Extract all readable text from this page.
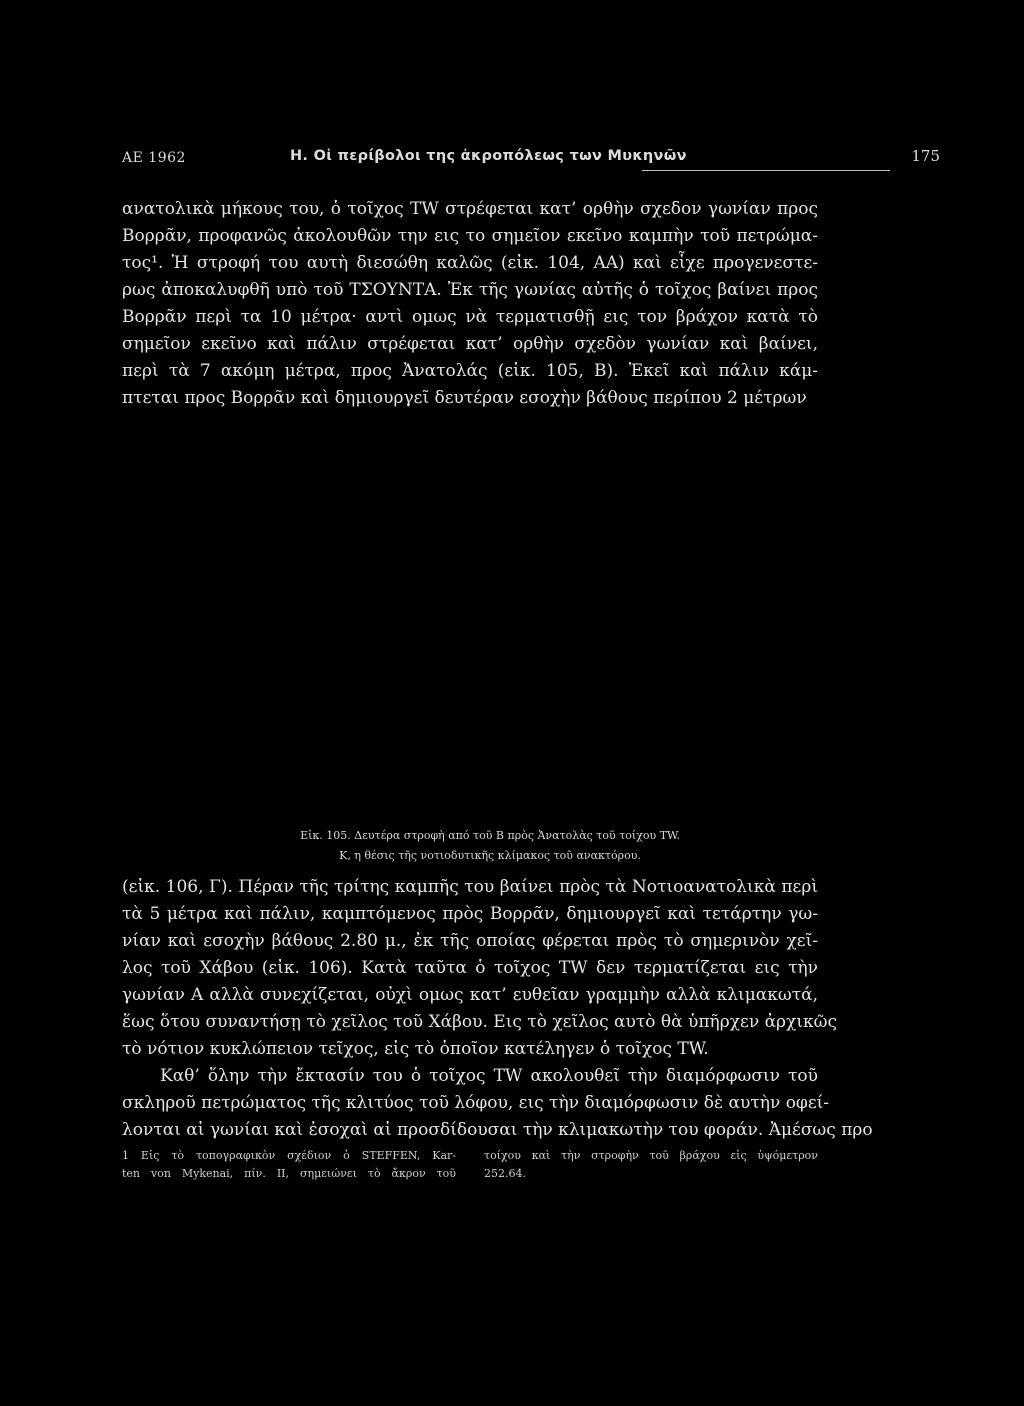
ΑΕ 1962	Η. Οἱ περίβολοι της ἀκροπόλεως των Μυκηνῶν	175
ανατολικὰ μήκους του, ὁ τοῖχος TW στρέφεται κατ’ ορθὴν σχεδον γωνίαν προς
Βορρᾶν, προφανῶς ἀκολουθῶν την εις το σημεῖον εκεῖνο καμπὴν τοῦ πετρώμα-
τος¹. Ἡ στροφή του αυτὴ διεσώθη καλῶς (εἰκ. 104, ΑΑ) καὶ εἶχε προγενεστε-
ρως ἀποκαλυφθῆ υπὸ τοῦ ΤΣΟΥΝΤΑ. Ἐκ τῆς γωνίας αὐτῆς ὁ τοῖχος βαίνει προς
Βορρᾶν περὶ τα 10 μέτρα· αντὶ ομως νὰ τερματισθῇ εις τον βράχον κατὰ τὸ
σημεῖον εκεῖνο καὶ πάλιν στρέφεται κατ’ ορθὴν σχεδὸν γωνίαν καὶ βαίνει,
περὶ τὰ 7 ακόμη μέτρα, προς Ἀνατολάς (εἰκ. 105, Β). Ἐκεῖ καὶ πάλιν κάμ-
πτεται προς Βορρᾶν καὶ δημιουργεῖ δευτέραν εσοχὴν βάθους περίπου 2 μέτρων
Εἰκ. 105. Δευτέρα στροφὴ από τοῦ Β πρὸς Ἀνατολὰς τοῦ τοίχου TW.
Κ, η θέσις τῆς νοτιοδυτικῆς κλίμακος τοῦ ανακτόρου.
(εἰκ. 106, Γ). Πέραν τῆς τρίτης καμπῆς του βαίνει πρὸς τὰ Νοτιοανατολικὰ περὶ
τὰ 5 μέτρα καὶ πάλιν, καμπτόμενος πρὸς Βορρᾶν, δημιουργεῖ καὶ τετάρτην γω-
νίαν καὶ εσοχὴν βάθους 2.80 μ., ἐκ τῆς οποίας φέρεται πρὸς τὸ σημερινὸν χεῖ-
λος τοῦ Χάβου (εἰκ. 106). Κατὰ ταῦτα ὁ τοῖχος TW δεν τερματίζεται εις τὴν
γωνίαν Α αλλὰ συνεχίζεται, οὐχὶ ομως κατ’ ευθεῖαν γραμμὴν αλλὰ κλιμακωτά,
ἕως ὅτου συναντήσῃ τὸ χεῖλος τοῦ Χάβου. Εις τὸ χεῖλος αυτὸ θὰ ὑπῆρχεν ἀρχικῶς
τὸ νότιον κυκλώπειον τεῖχος, εἰς τὸ ὁποῖον κατέληγεν ὁ τοῖχος TW.
Καθ’ ὅλην τὴν ἔκτασίν του ὁ τοῖχος TW ακολουθεῖ τὴν διαμόρφωσιν τοῦ
σκληροῦ πετρώματος τῆς κλιτύος τοῦ λόφου, εις τὴν διαμόρφωσιν δὲ αυτὴν οφεί-
λονται αἱ γωνίαι καὶ ἐσοχαὶ αἱ προσδίδουσαι τὴν κλιμακωτὴν του φοράν. Ἀμέσως προ
1 Εἰς τὸ τοπογραφικὸν σχέδιον ὁ STEFFEN, Kar-
ten von Mykenai, πίν. II, σημειώνει τὸ ἄκρον τοῦ
τοίχου καὶ τὴν στροφὴν τοῦ βράχου εἰς ὑψόμετρον
252.64.
